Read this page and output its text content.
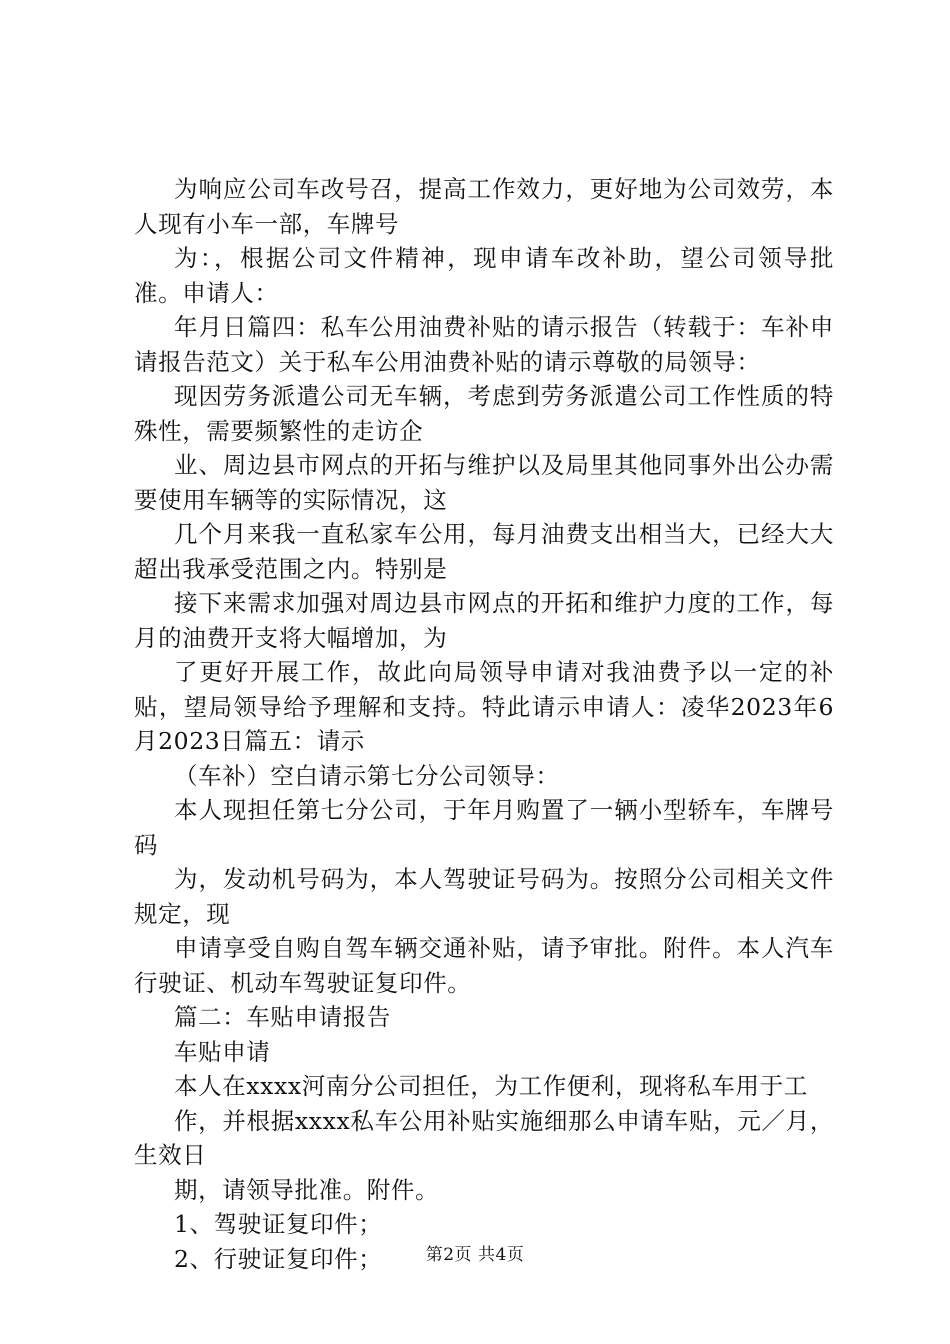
为响应公司车改号召，提高工作效力，更好地为公司效劳，本人现有小车一部，车牌号

为：，根据公司文件精神，现申请车改补助，望公司领导批准。申请人：

年月日篇四：私车公用油费补贴的请示报告（转载于：车补申请报告范文）关于私车公用油费补贴的请示尊敬的局领导：

现因劳务派遣公司无车辆，考虑到劳务派遣公司工作性质的特殊性，需要频繁性的走访企

业、周边县市网点的开拓与维护以及局里其他同事外出公办需要使用车辆等的实际情况，这

几个月来我一直私家车公用，每月油费支出相当大，已经大大超出我承受范围之内。特别是

接下来需求加强对周边县市网点的开拓和维护力度的工作，每月的油费开支将大幅增加，为

了更好开展工作，故此向局领导申请对我油费予以一定的补贴，望局领导给予理解和支持。特此请示申请人：凌华2023年6月2023日篇五：请示

（车补）空白请示第七分公司领导：

本人现担任第七分公司，于年月购置了一辆小型轿车，车牌号码

为，发动机号码为，本人驾驶证号码为。按照分公司相关文件规定，现

申请享受自购自驾车辆交通补贴，请予审批。附件。本人汽车行驶证、机动车驾驶证复印件。

篇二：车贴申请报告

车贴申请

本人在xxxx河南分公司担任，为工作便利，现将私车用于工

作，并根据xxxx私车公用补贴实施细那么申请车贴，元／月，生效日

期，请领导批准。附件。

1、驾驶证复印件；

2、行驶证复印件；	第2页 共4页
